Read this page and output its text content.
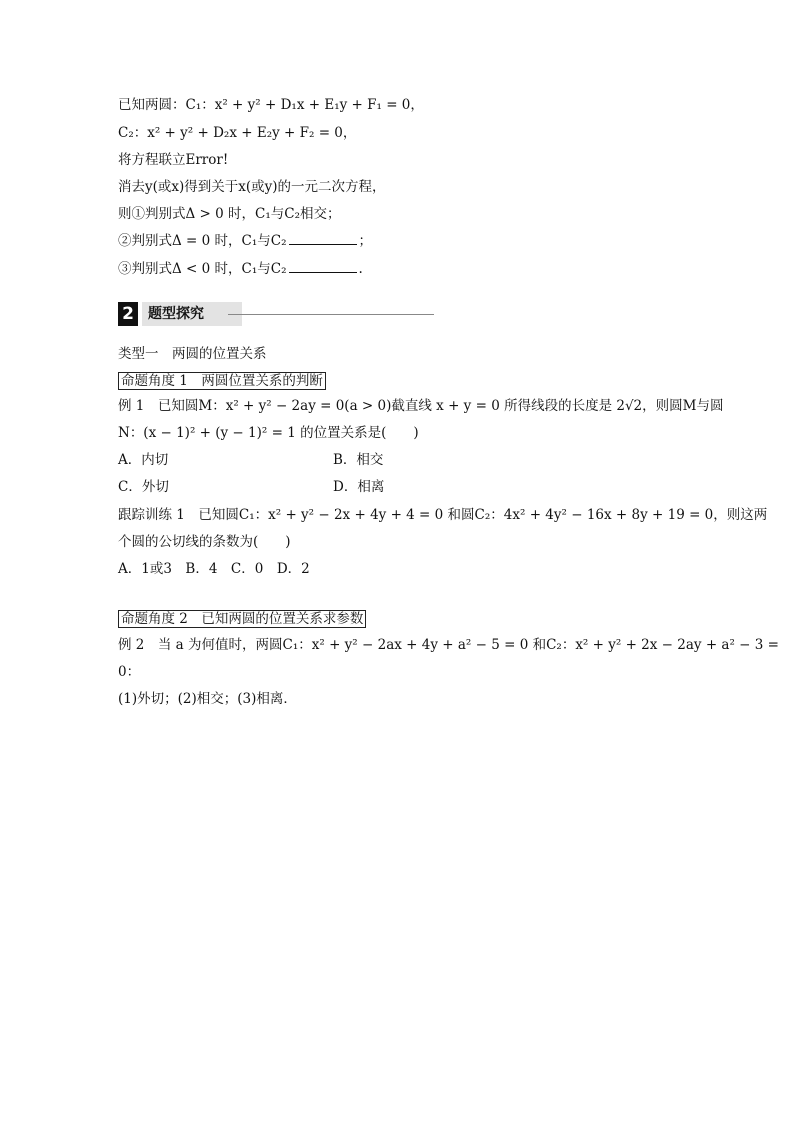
已知两圆：C₁：x² + y² + D₁x + E₁y + F₁ = 0，
C₂：x² + y² + D₂x + E₂y + F₂ = 0，
将方程联立Error!
消去y(或x)得到关于x(或y)的一元二次方程，
则①判别式Δ > 0 时，C₁与C₂相交；
②判别式Δ = 0 时，C₁与C₂	；
③判别式Δ < 0 时，C₁与C₂	.
2	题型探究
类型一　两圆的位置关系
命题角度 1　两圆位置关系的判断
例 1　已知圆M：x² + y² − 2ay = 0(a > 0)截直线 x + y = 0 所得线段的长度是 2√2，则圆M与圆
N：(x − 1)² + (y − 1)² = 1 的位置关系是(　　)
A．内切	B．相交
C．外切	D．相离
跟踪训练 1　已知圆C₁：x² + y² − 2x + 4y + 4 = 0 和圆C₂：4x² + 4y² − 16x + 8y + 19 = 0，则这两
个圆的公切线的条数为(　　)
A．1或3　B．4　C．0　D．2
命题角度 2　已知两圆的位置关系求参数
例 2　当 a 为何值时，两圆C₁：x² + y² − 2ax + 4y + a² − 5 = 0 和C₂：x² + y² + 2x − 2ay + a² − 3 =
0：
(1)外切；(2)相交；(3)相离．
